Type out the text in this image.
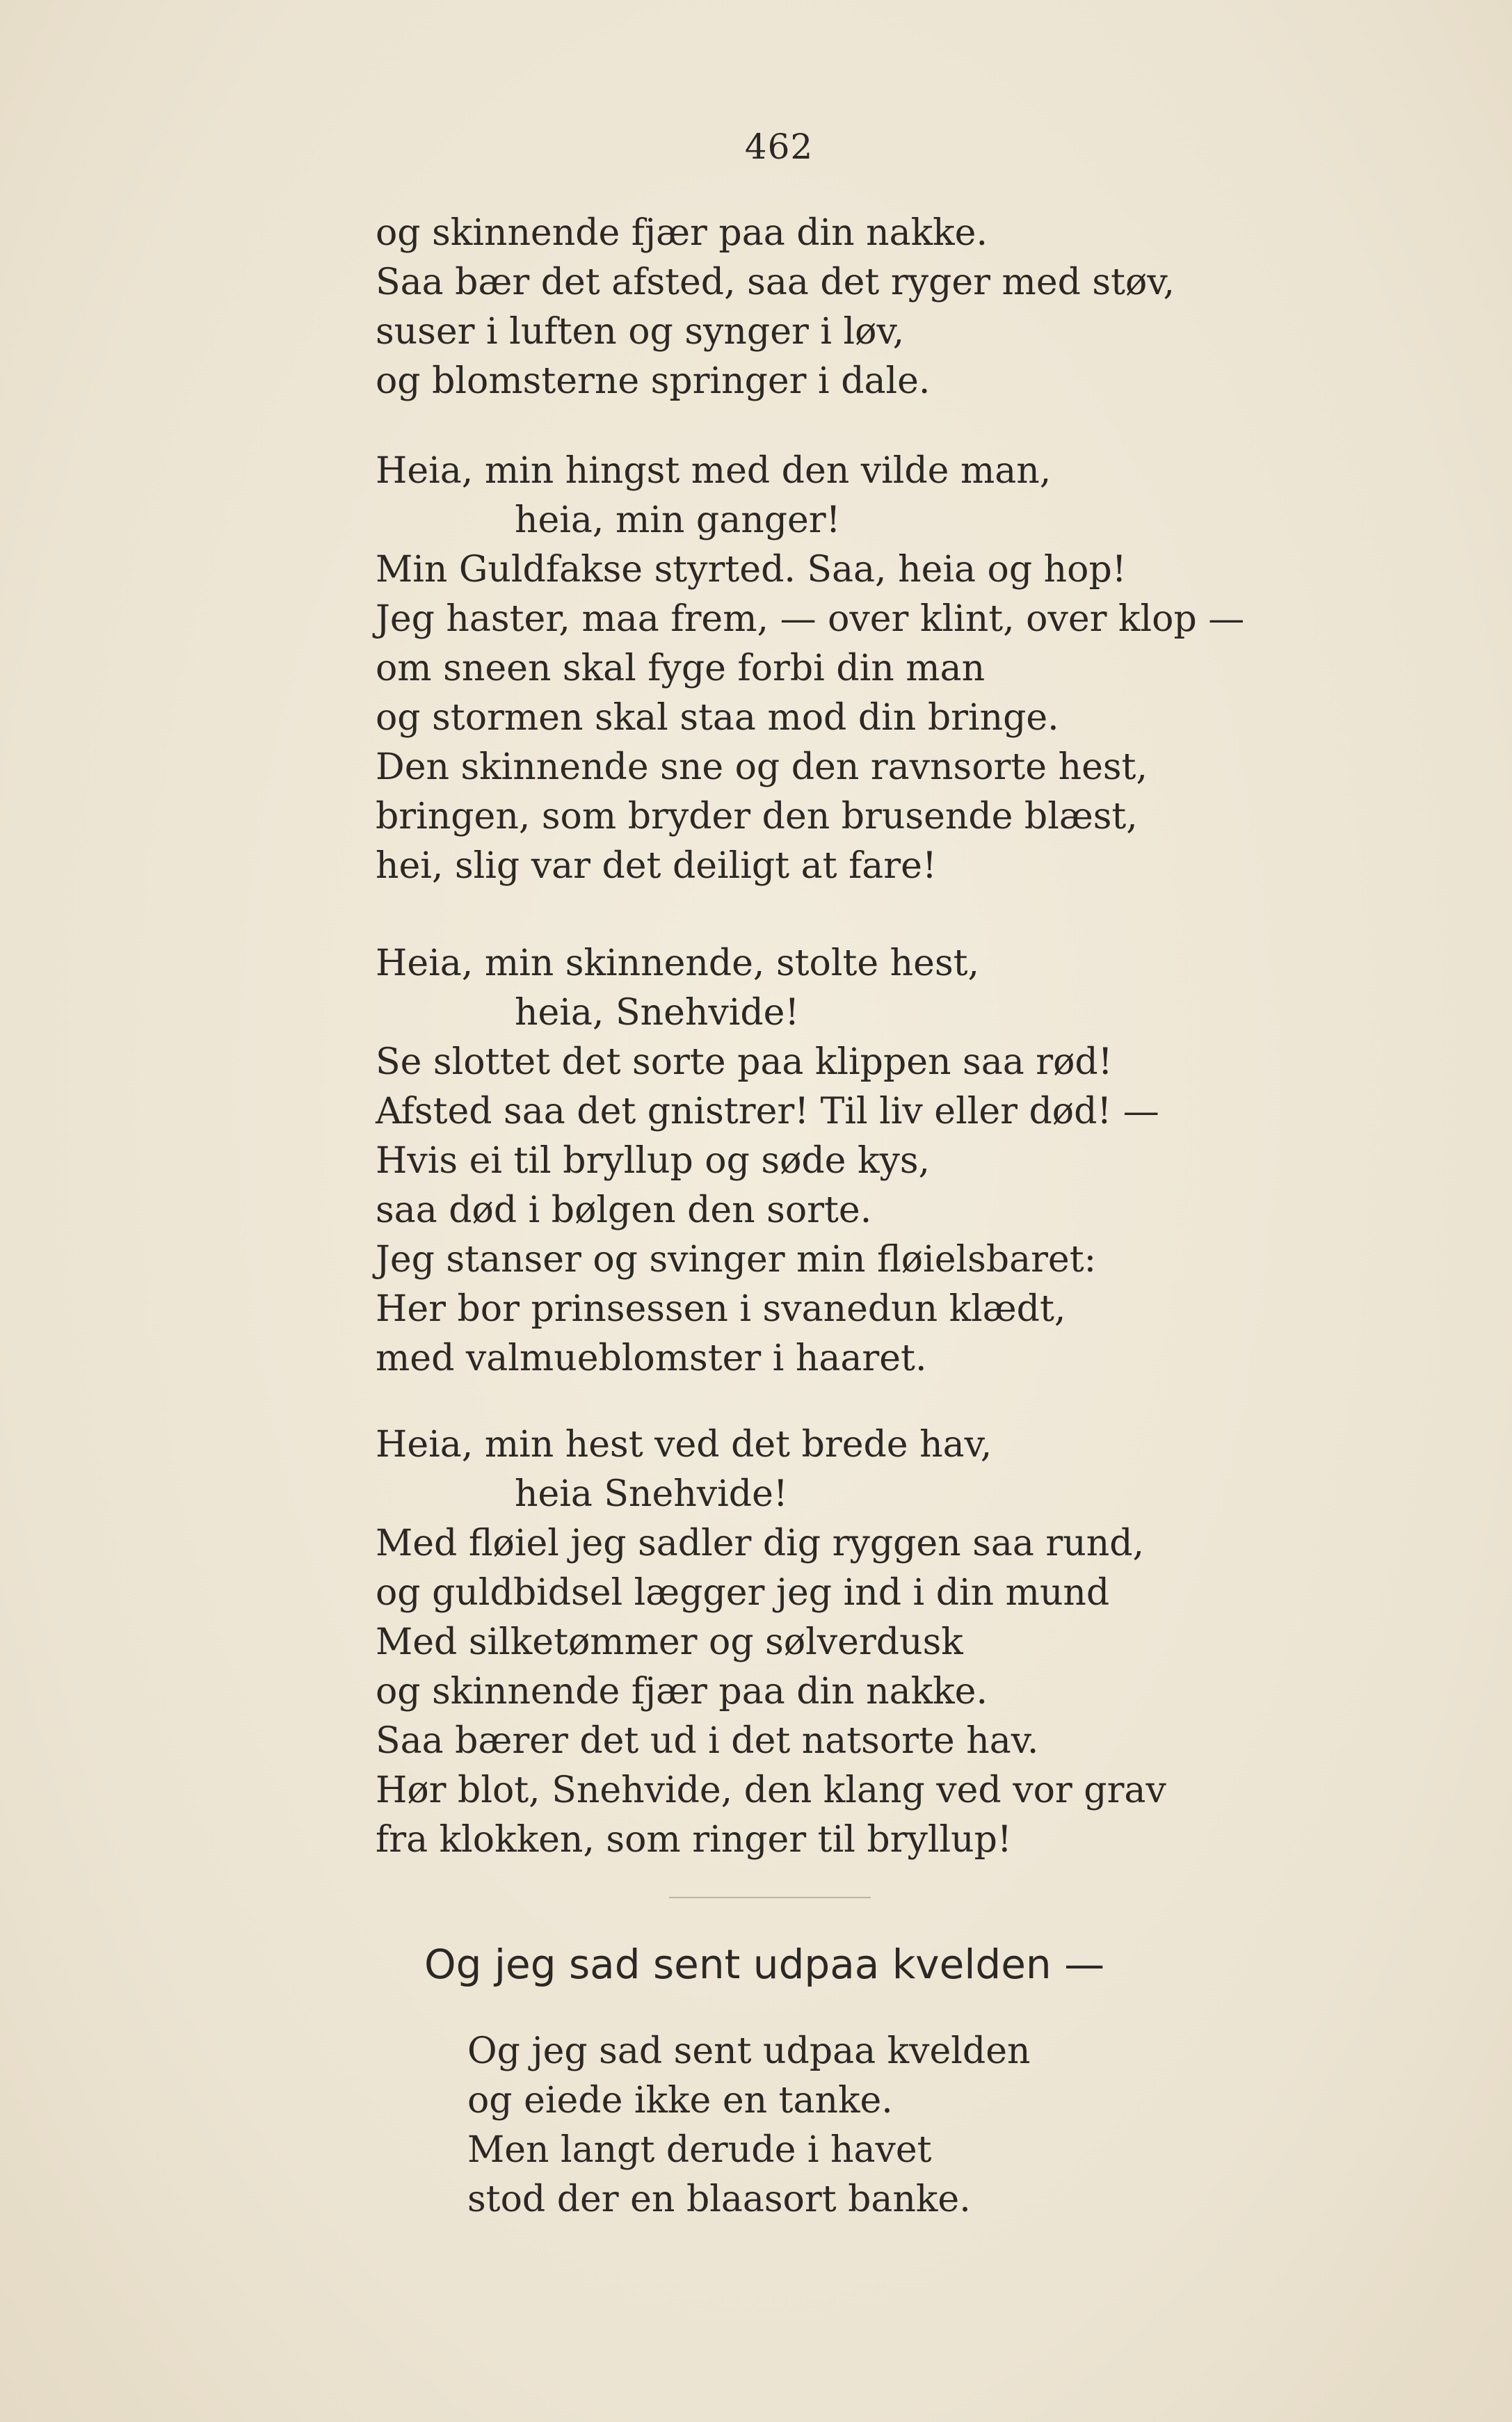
462
og skinnende fjær paa din nakke.
Saa bær det afsted, saa det ryger med støv,
suser i luften og synger i løv,
og blomsterne springer i dale.
Heia, min hingst med den vilde man,
heia, min ganger!
Min Guldfakse styrted. Saa, heia og hop!
Jeg haster, maa frem, — over klint, over klop —
om sneen skal fyge forbi din man
og stormen skal staa mod din bringe.
Den skinnende sne og den ravnsorte hest,
bringen, som bryder den brusende blæst,
hei, slig var det deiligt at fare!
Heia, min skinnende, stolte hest,
heia, Snehvide!
Se slottet det sorte paa klippen saa rød!
Afsted saa det gnistrer! Til liv eller død! —
Hvis ei til bryllup og søde kys,
saa død i bølgen den sorte.
Jeg stanser og svinger min fløielsbaret:
Her bor prinsessen i svanedun klædt,
med valmueblomster i haaret.
Heia, min hest ved det brede hav,
heia Snehvide!
Med fløiel jeg sadler dig ryggen saa rund,
og guldbidsel lægger jeg ind i din mund
Med silketømmer og sølverdusk
og skinnende fjær paa din nakke.
Saa bærer det ud i det natsorte hav.
Hør blot, Snehvide, den klang ved vor grav
fra klokken, som ringer til bryllup!
Og jeg sad sent udpaa kvelden —
Og jeg sad sent udpaa kvelden
og eiede ikke en tanke.
Men langt derude i havet
stod der en blaasort banke.
